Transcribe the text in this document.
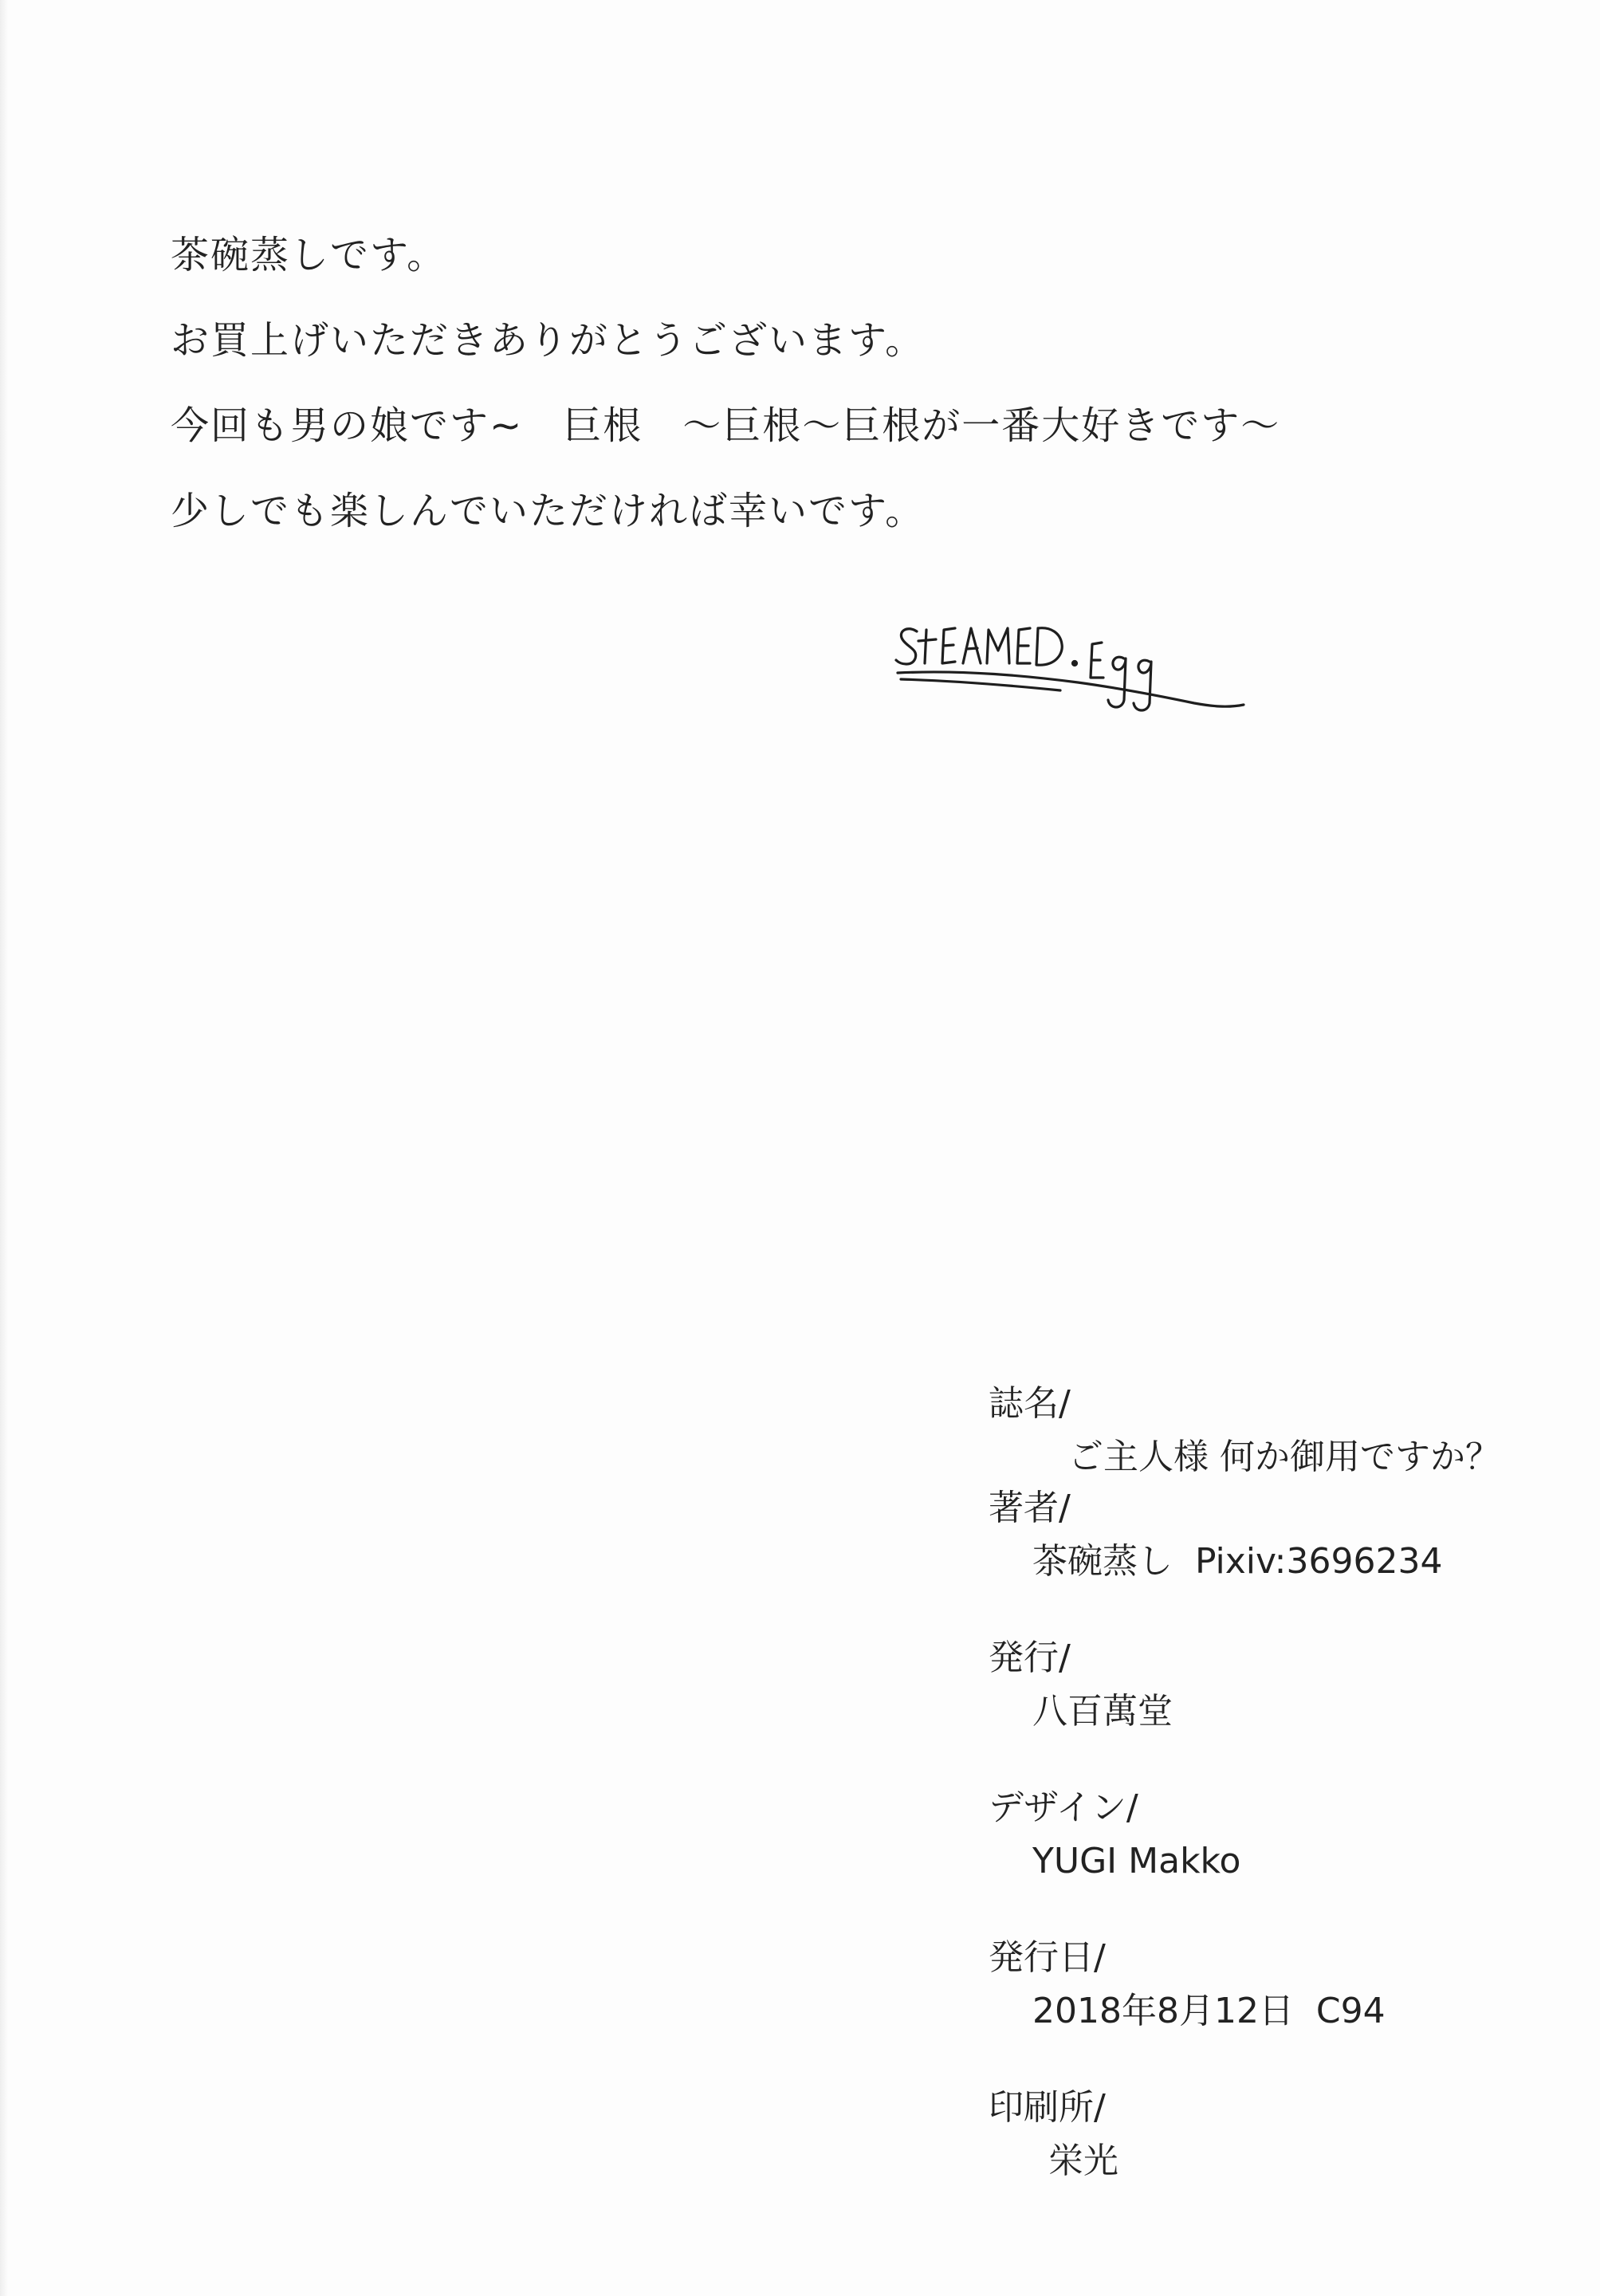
茶碗蒸しです。
お買上げいただきありがとうございます。
今回も男の娘です~　巨根　～巨根～巨根が一番大好きです～
少しでも楽しんでいただければ幸いです。
誌名/
ご主人様 何か御用ですか？
著者/
茶碗蒸し  Pixiv:3696234
発行/
八百萬堂
デザイン/
YUGI Makko
発行日/
2018年8月12日  C94
印刷所/
栄光
